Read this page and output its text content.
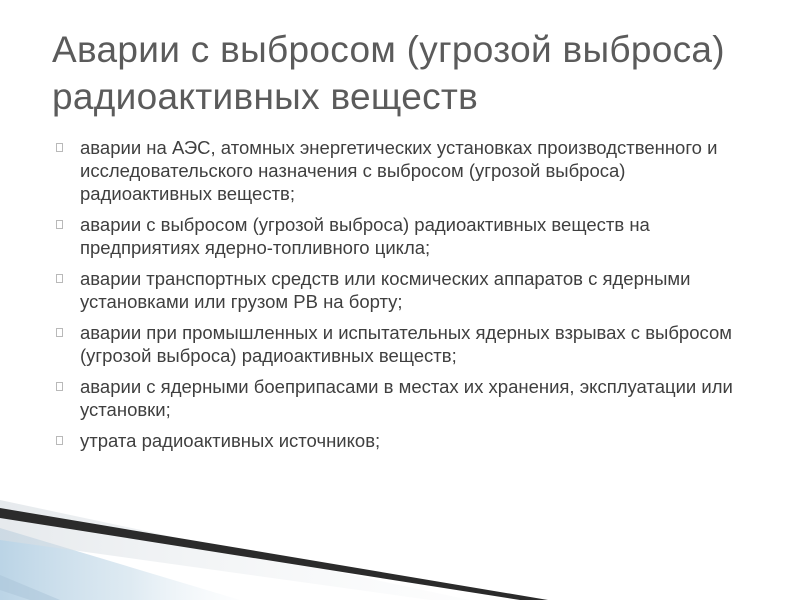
Аварии с выбросом (угрозой выброса) радиоактивных веществ
аварии на АЭС, атомных энергетических установках производственного и исследовательского назначения с выбросом (угрозой выброса) радиоактивных веществ;
аварии с выбросом (угрозой выброса) радиоактивных веществ на предприятиях ядерно-топливного цикла;
аварии транспортных средств или космических аппаратов с ядерными установками или грузом РВ на борту;
аварии при промышленных и испытательных ядерных взрывах с выбросом (угрозой выброса) радиоактивных веществ;
аварии с ядерными боеприпасами в местах их хранения, эксплуатации или установки;
утрата радиоактивных источников;
